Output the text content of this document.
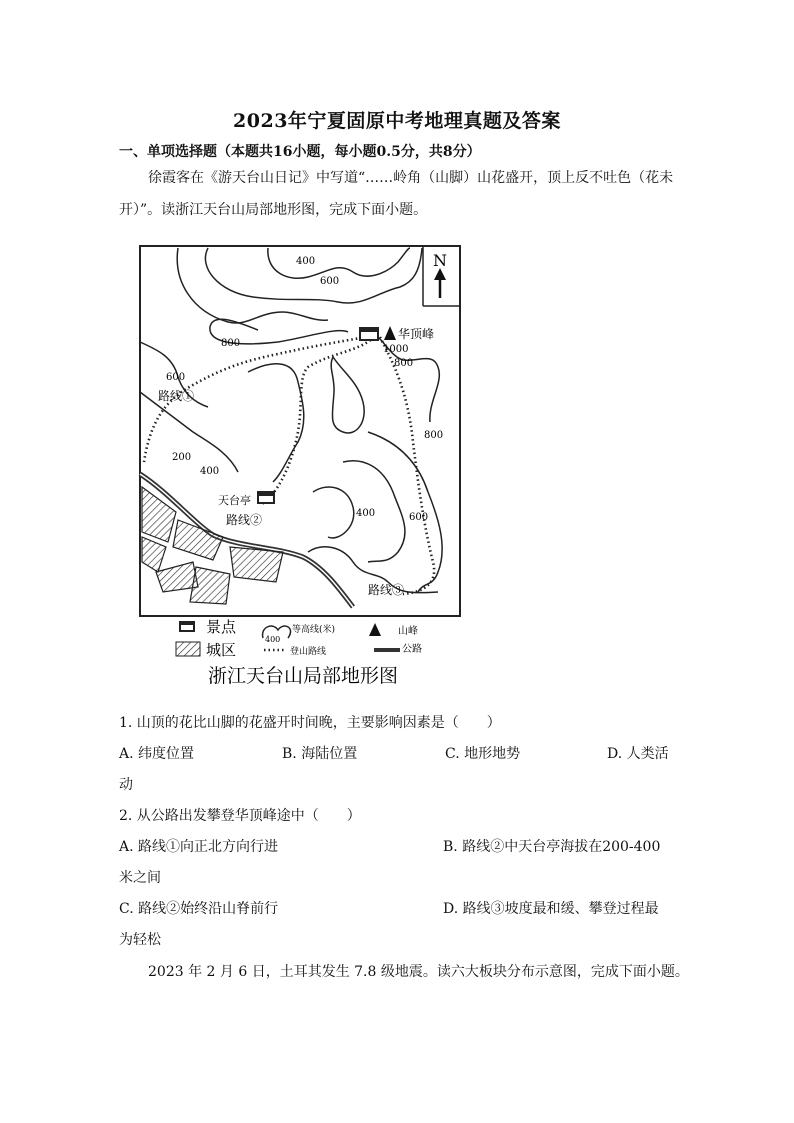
2023年宁夏固原中考地理真题及答案
一、单项选择题（本题共16小题，每小题0.5分，共8分）
徐霞客在《游天台山日记》中写道“……岭角（山脚）山花盛开，顶上反不吐色（花未开）”。读浙江天台山局部地形图，完成下面小题。
华顶峰
天台亭
路线①
路线②
路线③
400
600
800
1000
800
600
400
200
800
600
400
N
景点	等高线(米)
400
山峰
城区	登山路线	公路
浙江天台山局部地形图
1. 山顶的花比山脚的花盛开时间晚，主要影响因素是（　　）
A. 纬度位置	B. 海陆位置	C. 地形地势	D. 人类活
动
2. 从公路出发攀登华顶峰途中（　　）
A. 路线①向正北方向行进	B. 路线②中天台亭海拔在200-400
米之间
C. 路线②始终沿山脊前行	D. 路线③坡度最和缓、攀登过程最
为轻松
2023 年 2 月 6 日，土耳其发生 7.8 级地震。读六大板块分布示意图，完成下面小题。
